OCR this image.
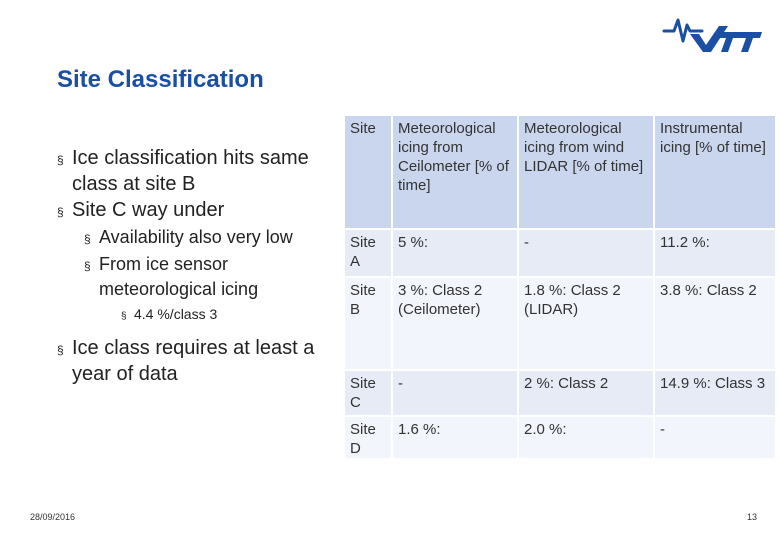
Site Classification

§ Ice classification hits same class at site B

§ Site C way under

§ Availability also very low

§ From ice sensor meteorological icing

§ 4.4 %/class 3

§ Ice class requires at least a year of data

Site	Meteorological icing from Ceilometer [% of time]	Meteorological icing from wind LIDAR [% of time]	Instrumental icing [% of time]
Site A	5 %:	-	11.2 %:
Site B	3 %: Class 2 (Ceilometer)	1.8 %: Class 2 (LIDAR)	3.8 %: Class 2
Site C	-	2 %: Class 2	14.9 %: Class 3
Site D	1.6 %:	2.0 %:	-
28/09/2016	13
